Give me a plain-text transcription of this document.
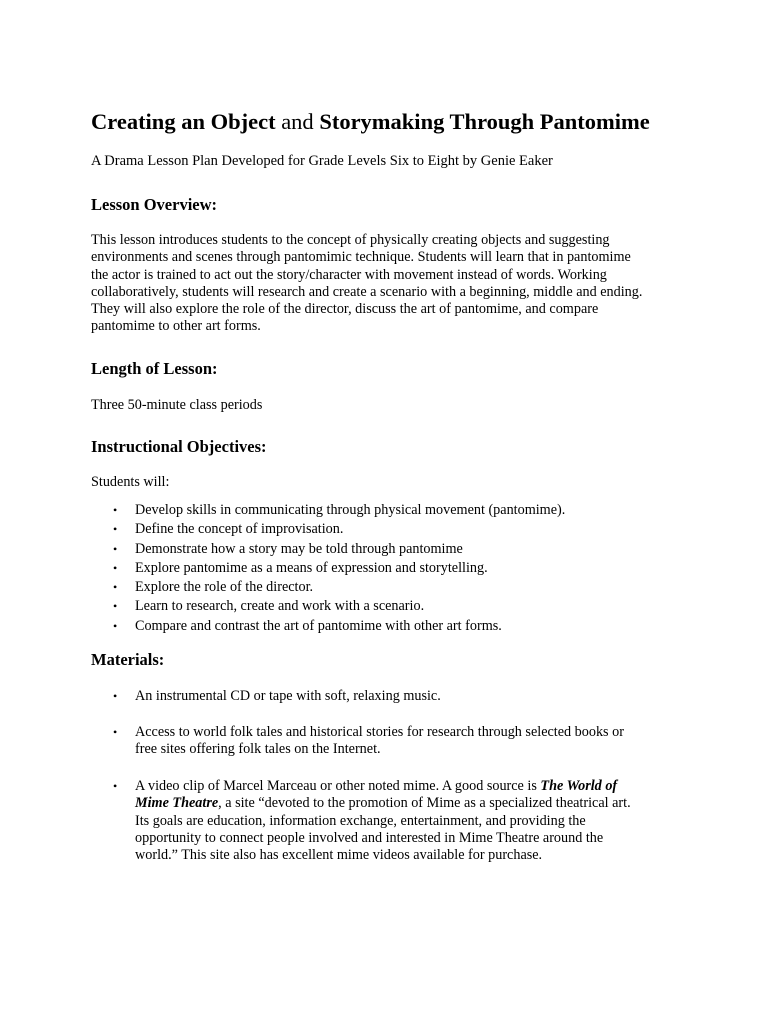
Creating an Object and Storymaking Through Pantomime

A Drama Lesson Plan Developed for Grade Levels Six to Eight by Genie Eaker

Lesson Overview:
This lesson introduces students to the concept of physically creating objects and suggesting
environments and scenes through pantomimic technique. Students will learn that in pantomime
the actor is trained to act out the story/character with movement instead of words. Working
collaboratively, students will research and create a scenario with a beginning, middle and ending.
They will also explore the role of the director, discuss the art of pantomime, and compare
pantomime to other art forms.
Length of Lesson:

Three 50-minute class periods

Instructional Objectives:

Students will:

• Develop skills in communicating through physical movement (pantomime).
• Define the concept of improvisation.
• Demonstrate how a story may be told through pantomime
• Explore pantomime as a means of expression and storytelling.
• Explore the role of the director.
• Learn to research, create and work with a scenario.
• Compare and contrast the art of pantomime with other art forms.
Materials:
• An instrumental CD or tape with soft, relaxing music.
• Access to world folk tales and historical stories for research through selected books or
free sites offering folk tales on the Internet.
• A video clip of Marcel Marceau or other noted mime. A good source is The World of
Mime Theatre, a site “devoted to the promotion of Mime as a specialized theatrical art.
Its goals are education, information exchange, entertainment, and providing the
opportunity to connect people involved and interested in Mime Theatre around the
world.” This site also has excellent mime videos available for purchase.
